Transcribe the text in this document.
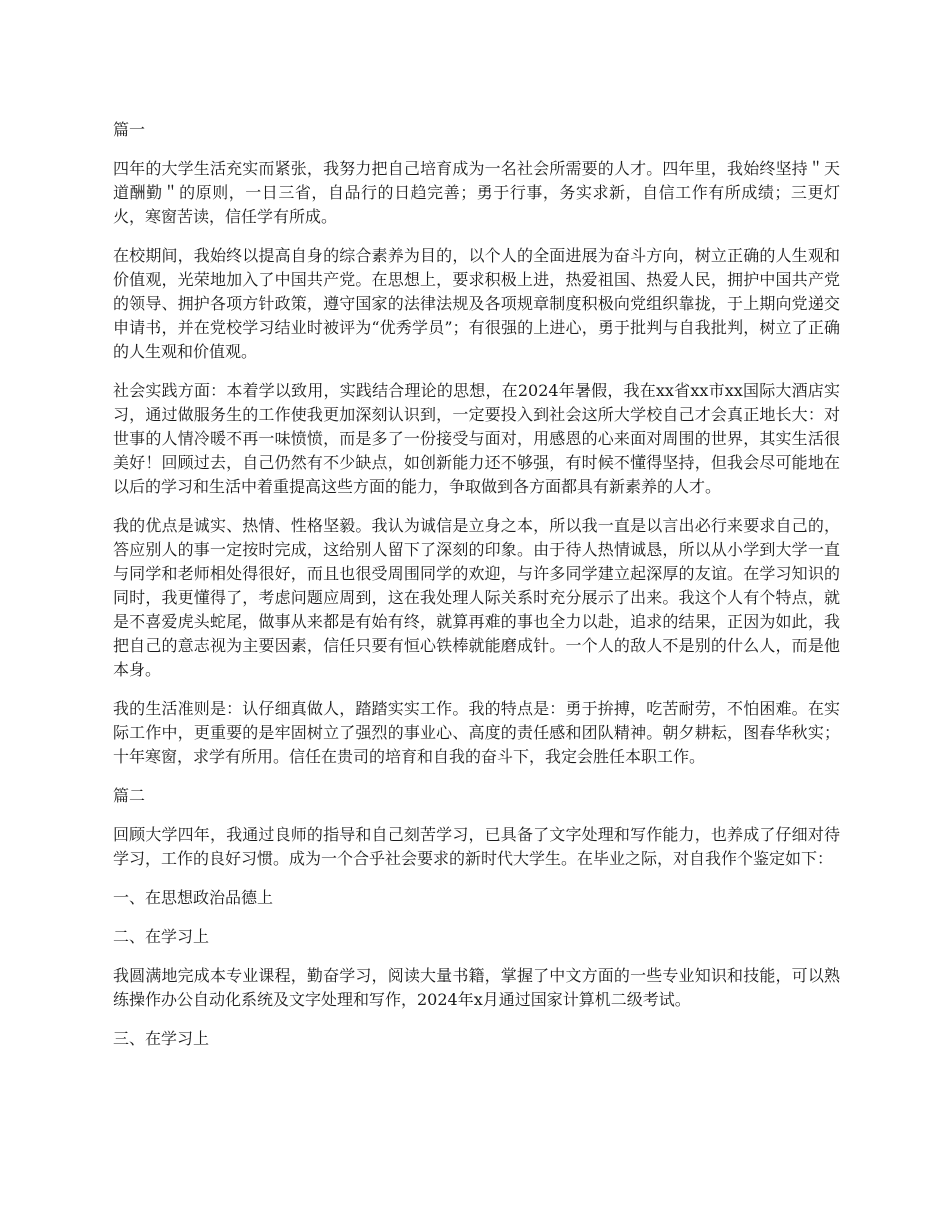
篇一

四年的大学生活充实而紧张，我努力把自己培育成为一名社会所需要的人才。四年里，我始终坚持＂天道酬勤＂的原则，一日三省，自品行的日趋完善；勇于行事，务实求新，自信工作有所成绩；三更灯火，寒窗苦读，信任学有所成。

在校期间，我始终以提高自身的综合素养为目的，以个人的全面进展为奋斗方向，树立正确的人生观和价值观，光荣地加入了中国共产党。在思想上，要求积极上进，热爱祖国、热爱人民，拥护中国共产党的领导、拥护各项方针政策，遵守国家的法律法规及各项规章制度积极向党组织靠拢，于上期向党递交申请书，并在党校学习结业时被评为“优秀学员”；有很强的上进心，勇于批判与自我批判，树立了正确的人生观和价值观。

社会实践方面：本着学以致用，实践结合理论的思想，在2024年暑假，我在xx省xx市xx国际大酒店实习，通过做服务生的工作使我更加深刻认识到，一定要投入到社会这所大学校自己才会真正地长大：对世事的人情冷暖不再一味愤愤，而是多了一份接受与面对，用感恩的心来面对周围的世界，其实生活很美好！回顾过去，自己仍然有不少缺点，如创新能力还不够强，有时候不懂得坚持，但我会尽可能地在以后的学习和生活中着重提高这些方面的能力，争取做到各方面都具有新素养的人才。

我的优点是诚实、热情、性格坚毅。我认为诚信是立身之本，所以我一直是以言出必行来要求自己的，答应别人的事一定按时完成，这给别人留下了深刻的印象。由于待人热情诚恳，所以从小学到大学一直与同学和老师相处得很好，而且也很受周围同学的欢迎，与许多同学建立起深厚的友谊。在学习知识的同时，我更懂得了，考虑问题应周到，这在我处理人际关系时充分展示了出来。我这个人有个特点，就是不喜爱虎头蛇尾，做事从来都是有始有终，就算再难的事也全力以赴，追求的结果，正因为如此，我把自己的意志视为主要因素，信任只要有恒心铁棒就能磨成针。一个人的敌人不是别的什么人，而是他本身。

我的生活准则是：认仔细真做人，踏踏实实工作。我的特点是：勇于拚搏，吃苦耐劳，不怕困难。在实际工作中，更重要的是牢固树立了强烈的事业心、高度的责任感和团队精神。朝夕耕耘，图春华秋实；十年寒窗，求学有所用。信任在贵司的培育和自我的奋斗下，我定会胜任本职工作。

篇二

回顾大学四年，我通过良师的指导和自己刻苦学习，已具备了文字处理和写作能力，也养成了仔细对待学习，工作的良好习惯。成为一个合乎社会要求的新时代大学生。在毕业之际，对自我作个鉴定如下：

一、在思想政治品德上

二、在学习上

我圆满地完成本专业课程，勤奋学习，阅读大量书籍，掌握了中文方面的一些专业知识和技能，可以熟练操作办公自动化系统及文字处理和写作，2024年x月通过国家计算机二级考试。

三、在学习上
